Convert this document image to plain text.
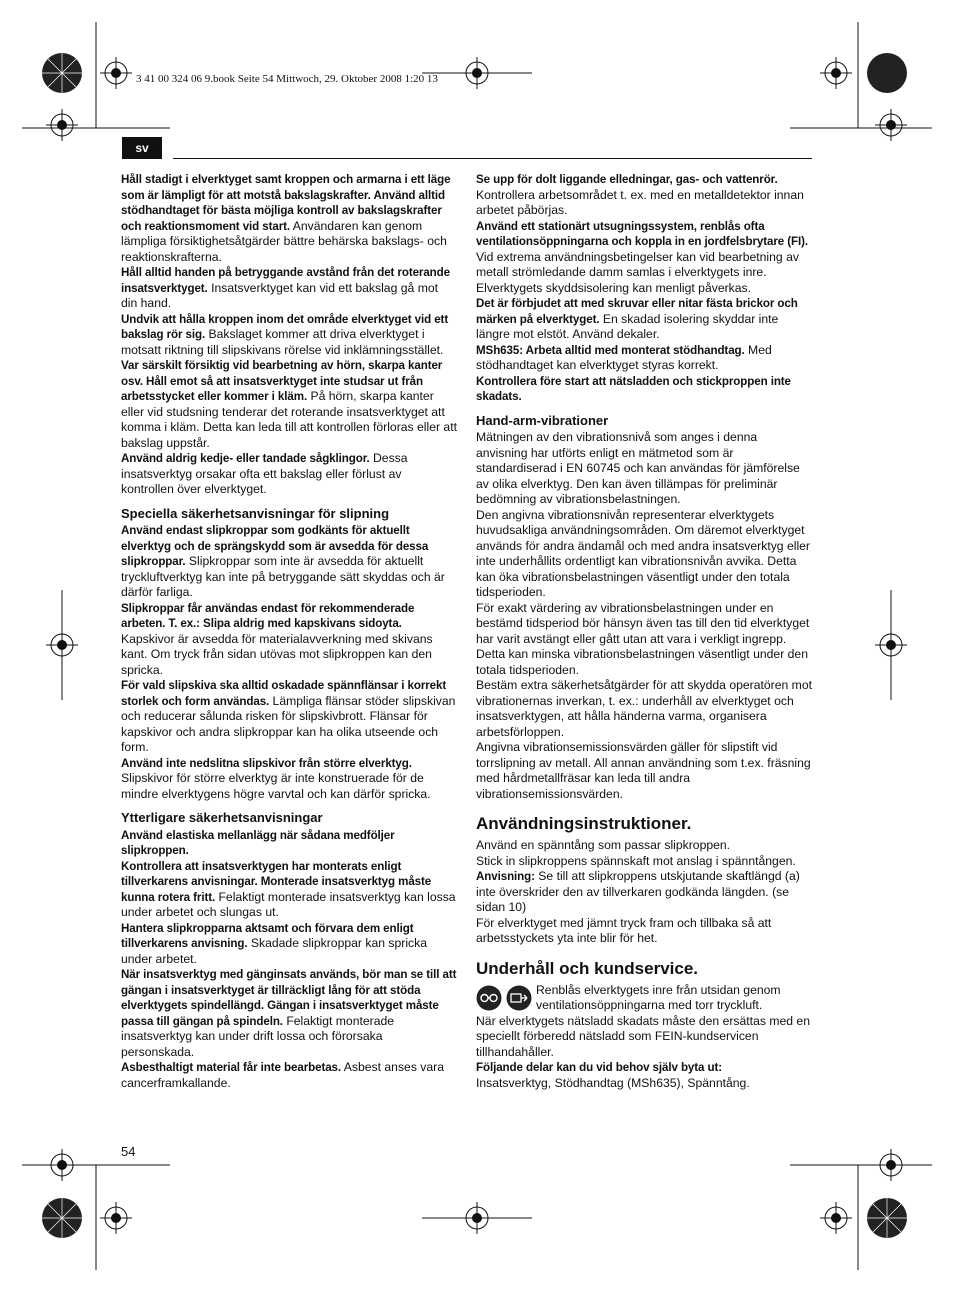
3 41 00 324 06 9.book Seite 54 Mittwoch, 29. Oktober 2008 1:20 13
sv

Håll stadigt i elverktyget samt kroppen och armarna i ett läge som är lämpligt för att motstå bakslagskrafter. Använd alltid stödhandtaget för bästa möjliga kontroll av bakslagskrafter och reaktionsmoment vid start. Användaren kan genom lämpliga försiktighetsåtgärder bättre behärska bakslags- och reaktionskrafterna.

Håll alltid handen på betryggande avstånd från det roterande insatsverktyget. Insatsverktyget kan vid ett bakslag gå mot din hand.

Undvik att hålla kroppen inom det område elverktyget vid ett bakslag rör sig. Bakslaget kommer att driva elverktyget i motsatt riktning till slipskivans rörelse vid inklämningsstället.

Var särskilt försiktig vid bearbetning av hörn, skarpa kanter osv. Håll emot så att insatsverktyget inte studsar ut från arbetsstycket eller kommer i kläm. På hörn, skarpa kanter eller vid studsning tenderar det roterande insatsverktyget att komma i kläm. Detta kan leda till att kontrollen förloras eller att bakslag uppstår.

Använd aldrig kedje- eller tandade sågklingor. Dessa insatsverktyg orsakar ofta ett bakslag eller förlust av kontrollen över elverktyget.

Speciella säkerhetsanvisningar för slipning

Använd endast slipkroppar som godkänts för aktuellt elverktyg och de sprängskydd som är avsedda för dessa slipkroppar. Slipkroppar som inte är avsedda för aktuellt tryckluftverktyg kan inte på betryggande sätt skyddas och är därför farliga.

Slipkroppar får användas endast för rekommenderade arbeten. T. ex.: Slipa aldrig med kapskivans sidoyta. Kapskivor är avsedda för materialavverkning med skivans kant. Om tryck från sidan utövas mot slipkroppen kan den spricka.

För vald slipskiva ska alltid oskadade spännflänsar i korrekt storlek och form användas. Lämpliga flänsar stöder slipskivan och reducerar sålunda risken för slipskivbrott. Flänsar för kapskivor och andra slipkroppar kan ha olika utseende och form.

Använd inte nedslitna slipskivor från större elverktyg. Slipskivor för större elverktyg är inte konstruerade för de mindre elverktygens högre varvtal och kan därför spricka.

Ytterligare säkerhetsanvisningar

Använd elastiska mellanlägg när sådana medföljer slipkroppen.

Kontrollera att insatsverktygen har monterats enligt tillverkarens anvisningar. Monterade insatsverktyg måste kunna rotera fritt. Felaktigt monterade insatsverktyg kan lossa under arbetet och slungas ut.

Hantera slipkropparna aktsamt och förvara dem enligt tillverkarens anvisning. Skadade slipkroppar kan spricka under arbetet.

När insatsverktyg med gänginsats används, bör man se till att gängan i insatsverktyget är tillräckligt lång för att stöda elverktygets spindellängd. Gängan i insatsverktyget måste passa till gängan på spindeln. Felaktigt monterade insatsverktyg kan under drift lossa och förorsaka personskada.

Asbesthaltigt material får inte bearbetas. Asbest anses vara cancerframkallande.

Se upp för dolt liggande elledningar, gas- och vattenrör. Kontrollera arbetsområdet t. ex. med en metalldetektor innan arbetet påbörjas.

Använd ett stationärt utsugningssystem, renblås ofta ventilationsöppningarna och koppla in en jordfelsbrytare (FI). Vid extrema användningsbetingelser kan vid bearbetning av metall strömledande damm samlas i elverktygets inre. Elverktygets skyddsisolering kan menligt påverkas.

Det är förbjudet att med skruvar eller nitar fästa brickor och märken på elverktyget. En skadad isolering skyddar inte längre mot elstöt. Använd dekaler.

MSh635: Arbeta alltid med monterat stödhandtag. Med stödhandtaget kan elverktyget styras korrekt.

Kontrollera före start att nätsladden och stickproppen inte skadats.

Hand-arm-vibrationer

Mätningen av den vibrationsnivå som anges i denna anvisning har utförts enligt en mätmetod som är standardiserad i EN 60745 och kan användas för jämförelse av olika elverktyg. Den kan även tillämpas för preliminär bedömning av vibrationsbelastningen.

Den angivna vibrationsnivån representerar elverktygets huvudsakliga användningsområden. Om däremot elverktyget används för andra ändamål och med andra insatsverktyg eller inte underhållits ordentligt kan vibrationsnivån avvika. Detta kan öka vibrationsbelastningen väsentligt under den totala tidsperioden.

För exakt värdering av vibrationsbelastningen under en bestämd tidsperiod bör hänsyn även tas till den tid elverktyget har varit avstängt eller gått utan att vara i verkligt ingrepp. Detta kan minska vibrationsbelastningen väsentligt under den totala tidsperioden.

Bestäm extra säkerhetsåtgärder för att skydda operatören mot vibrationernas inverkan, t. ex.: underhåll av elverktyget och insatsverktygen, att hålla händerna varma, organisera arbetsförloppen.

Angivna vibrationsemissionsvärden gäller för slipstift vid torrslipning av metall. All annan användning som t.ex. fräsning med hårdmetallfräsar kan leda till andra vibrationsemissionsvärden.

Användningsinstruktioner.

Använd en spänntång som passar slipkroppen.

Stick in slipkroppens spännskaft mot anslag i spänntången.

Anvisning: Se till att slipkroppens utskjutande skaftlängd (a) inte överskrider den av tillverkaren godkända längden. (se sidan 10)

För elverktyget med jämnt tryck fram och tillbaka så att arbetsstyckets yta inte blir för het.

Underhåll och kundservice.

Renblås elverktygets inre från utsidan genom ventilationsöppningarna med torr tryckluft.

När elverktygets nätsladd skadats måste den ersättas med en speciellt förberedd nätsladd som FEIN-kundservicen tillhandahåller.

Följande delar kan du vid behov själv byta ut:

Insatsverktyg, Stödhandtag (MSh635), Spänntång.

54
